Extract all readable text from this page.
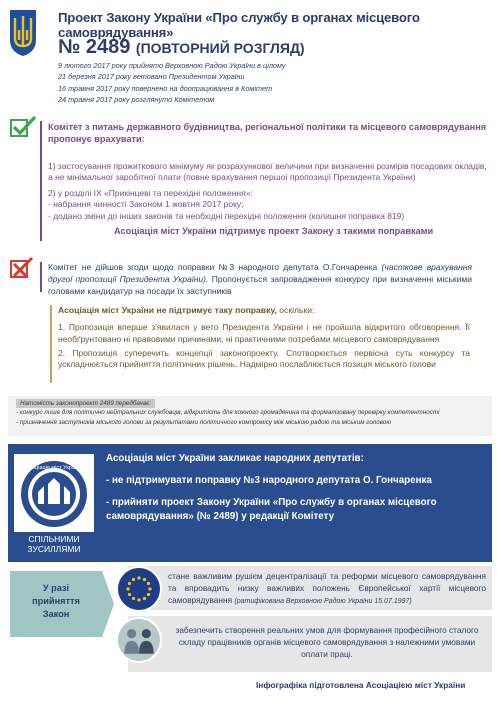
Проект Закону України «Про службу в органах місцевого самоврядування»
№ 2489 (ПОВТОРНИЙ РОЗГЛЯД)
9 лютого 2017 року прийнято Верховною Радою України в цілому
21 березня 2017 року ветовано Президентом України
16 травня 2017 року повернено на доопрацювання в Комітет
24 травня 2017 року розглянуто Комітетом
Комітет з питань державного будівництва, регіональної політики та місцевого самоврядування пропонує врахувати:

1) застосування прожиткового мінімуму як розрахункової величини при визначенні розмірів посадових окладів, а не мінімальної заробітної плати (повне врахування першої пропозиції Президента України)

2) у розділі IX «Прикінцеві та перехідні положення»:
- набрання чинності Законом 1 жовтня 2017 року;
- додано зміни до інших законів та необхідні перехідні положення (колишня поправка 819)
Асоціація міст України підтримує проект Закону з такими поправками
Комітет не дійшов згоди щодо поправки №3 народного депутата О.Гончаренка (часткове врахування другої пропозиції Президента України). Пропонується запровадження конкурсу при визначенні міськими головами кандидатур на посади їх заступників
Асоціація міст України не підтримує таку поправку, оскільки:

1. Пропозиція вперше з'явилася у вето Президента України і не пройшла відкритого обговорення. Її необґрунтовано ні правовими причинами, ні практичними потребами місцевого самоврядування

2. Пропозиція суперечить концепції законопроекту. Спотворюється первісна суть конкурсу та ускладнюється прийняття політичних рішень. Надмірно послаблюється позиція міського голови

Натомість законопроект 2489 передбачає:
- конкурс лише для політично нейтральних службовців, відкритість для кожного громадянина та формалізовану перевірку компетентності
- призначення заступників міського голови за результатами політичного компромісу між міською радою та міським головою
СПІЛЬНИМИ
ЗУСИЛЛЯМИ
Асоціація міст України
Асоціація міст України закликає народних депутатів:
- не підтримувати поправку №3 народного депутата О. Гончаренка
- прийняти проект Закону України «Про службу в органах місцевого самоврядування» (№ 2489) у редакції Комітету
У разі
прийняття
Закон
стане важливим рушієм децентралізації та реформи місцевого самоврядування та впровадить низку важливих положень Європейської хартії місцевого самоврядування (ратифікована Верховною Радою України 15.07.1997)
забезпечить створення реальних умов для формування професійного сталого складу працівників органів місцевого самоврядування з належними умовами оплати праці.
Інфографіка підготовлена Асоціацією міст України
